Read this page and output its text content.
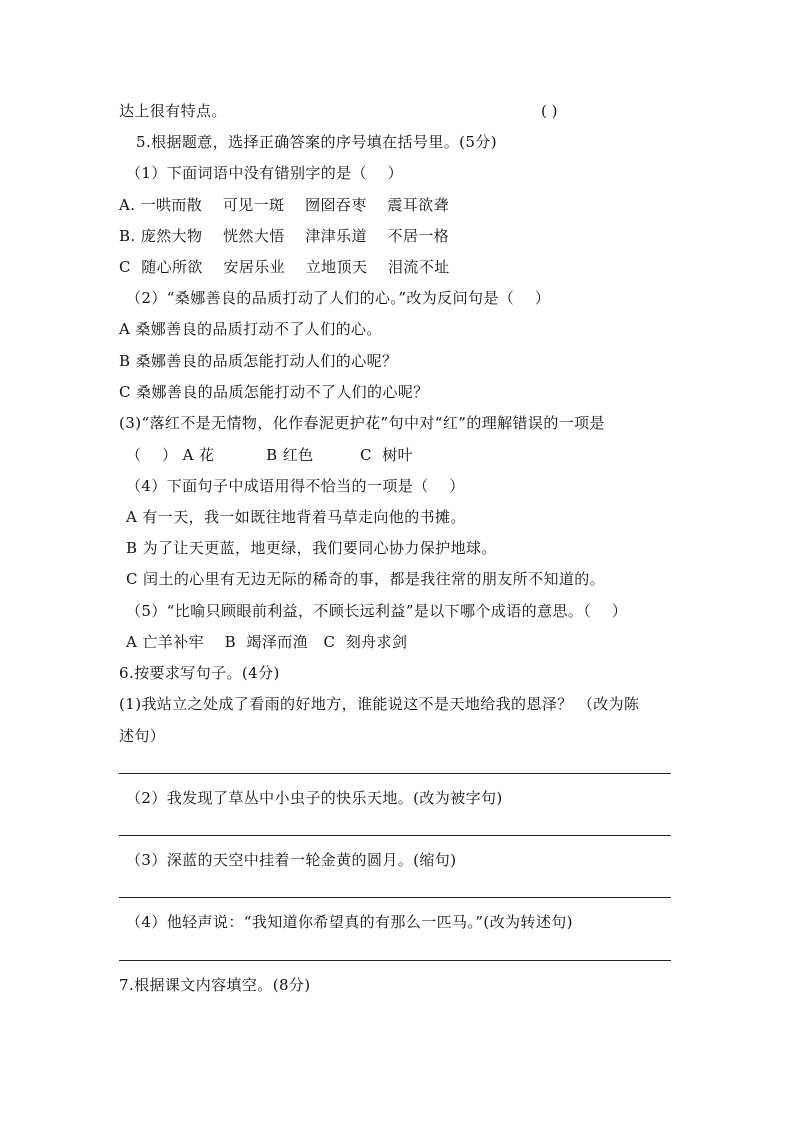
达上很有特点。	( )
5.根据题意，选择正确答案的序号填在括号里。(5分)
（1）下面词语中没有错别字的是（    ）
A. 一哄而散    可见一斑    囫囵吞枣    震耳欲聋
B. 庞然大物    恍然大悟    津津乐道    不居一格
C  随心所欲    安居乐业    立地顶天    泪流不址
（2）“桑娜善良的品质打动了人们的心。”改为反问句是（    ）
A 桑娜善良的品质打动不了人们的心。
B 桑娜善良的品质怎能打动人们的心呢？
C 桑娜善良的品质怎能打动不了人们的心呢？
(3)“落红不是无情物，化作春泥更护花”句中对“红”的理解错误的一项是
（    ） A 花          B 红色         C  树叶
（4）下面句子中成语用得不恰当的一项是（    ）
A 有一天，我一如既往地背着马草走向他的书摊。
B 为了让天更蓝，地更绿，我们要同心协力保护地球。
C 闰土的心里有无边无际的稀奇的事，都是我往常的朋友所不知道的。
（5）“比喻只顾眼前利益，不顾长远利益”是以下哪个成语的意思。（    ）
A 亡羊补牢    B  竭泽而渔   C  刻舟求剑
6.按要求写句子。(4分)
(1)我站立之处成了看雨的好地方，谁能说这不是天地给我的恩泽？ （改为陈
述句）
（2）我发现了草丛中小虫子的快乐天地。(改为被字句)
（3）深蓝的天空中挂着一轮金黄的圆月。(缩句)
（4）他轻声说：“我知道你希望真的有那么一匹马。”(改为转述句)
7.根据课文内容填空。(8分)
